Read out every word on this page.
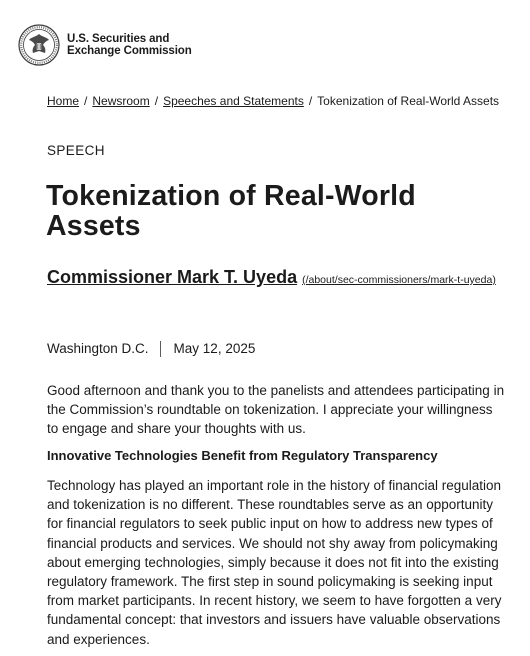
U.S. Securities and
Exchange Commission
Home / Newsroom / Speeches and Statements / Tokenization of Real-World Assets
SPEECH
Tokenization of Real-World Assets
Commissioner Mark T. Uyeda (/about/sec-commissioners/mark-t-uyeda)
Washington D.C. May 12, 2025

Good afternoon and thank you to the panelists and attendees participating in the Commission’s roundtable on tokenization. I appreciate your willingness to engage and share your thoughts with us.

Innovative Technologies Benefit from Regulatory Transparency

Technology has played an important role in the history of financial regulation and tokenization is no different. These roundtables serve as an opportunity for financial regulators to seek public input on how to address new types of financial products and services. We should not shy away from policymaking about emerging technologies, simply because it does not fit into the existing regulatory framework. The first step in sound policymaking is seeking input from market participants. In recent history, we seem to have forgotten a very fundamental concept: that investors and issuers have valuable observations and experiences.
